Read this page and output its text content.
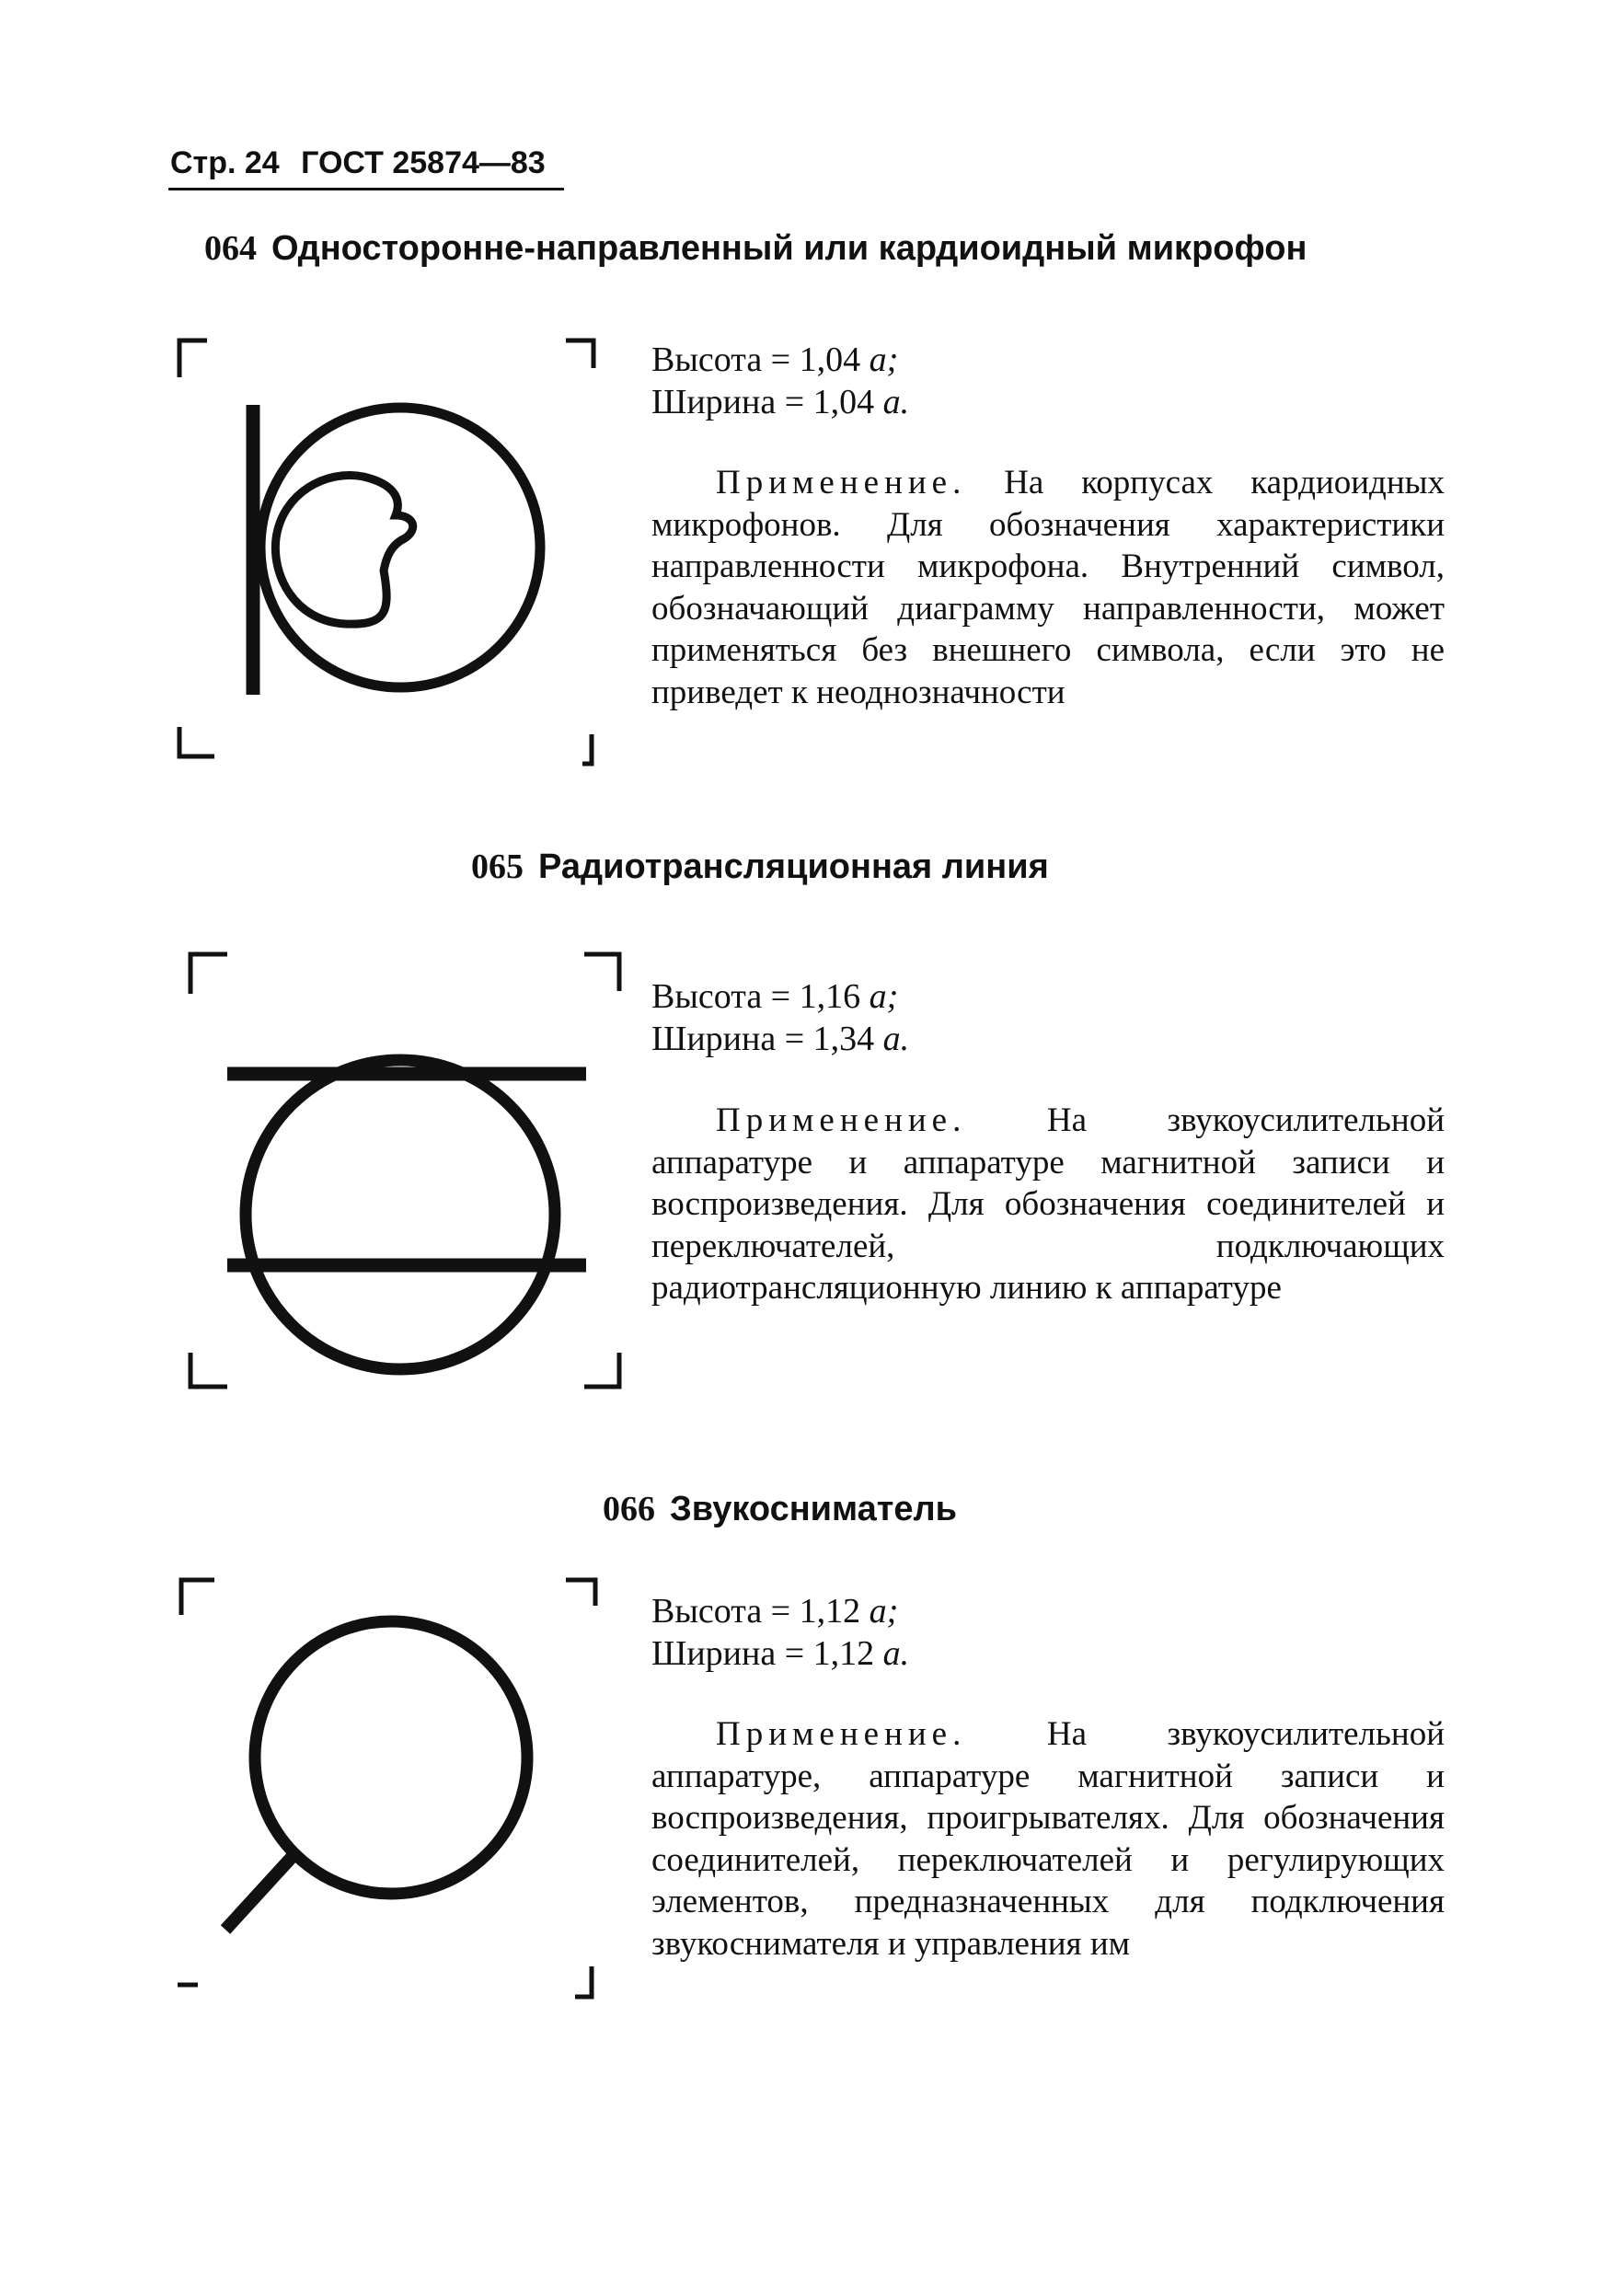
Стр. 24 ГОСТ 25874—83
064 Односторонне-направленный или кардиоидный микрофон
Высота = 1,04 а;
Ширина = 1,04 а.
Применение. На корпусах кардиоидных микрофонов. Для обозначения характеристики направленности микрофона. Внутренний символ, обозначающий диаграмму направленности, может применяться без внешнего символа, если это не приведет к неоднозначности
065 Радиотрансляционная линия
Высота = 1,16 а;
Ширина = 1,34 а.
Применение. На звукоусилительной аппаратуре и аппаратуре магнитной записи и воспроизведения. Для обозначения соединителей и переключателей, подключающих радиотрансляционную линию к аппаратуре
066 Звукосниматель
Высота = 1,12 а;
Ширина = 1,12 а.
Применение. На звукоусилительной аппаратуре, аппаратуре магнитной записи и воспроизведения, проигрывателях. Для обозначения соединителей, переключателей и регулирующих элементов, предназначенных для подключения звукоснимателя и управления им
